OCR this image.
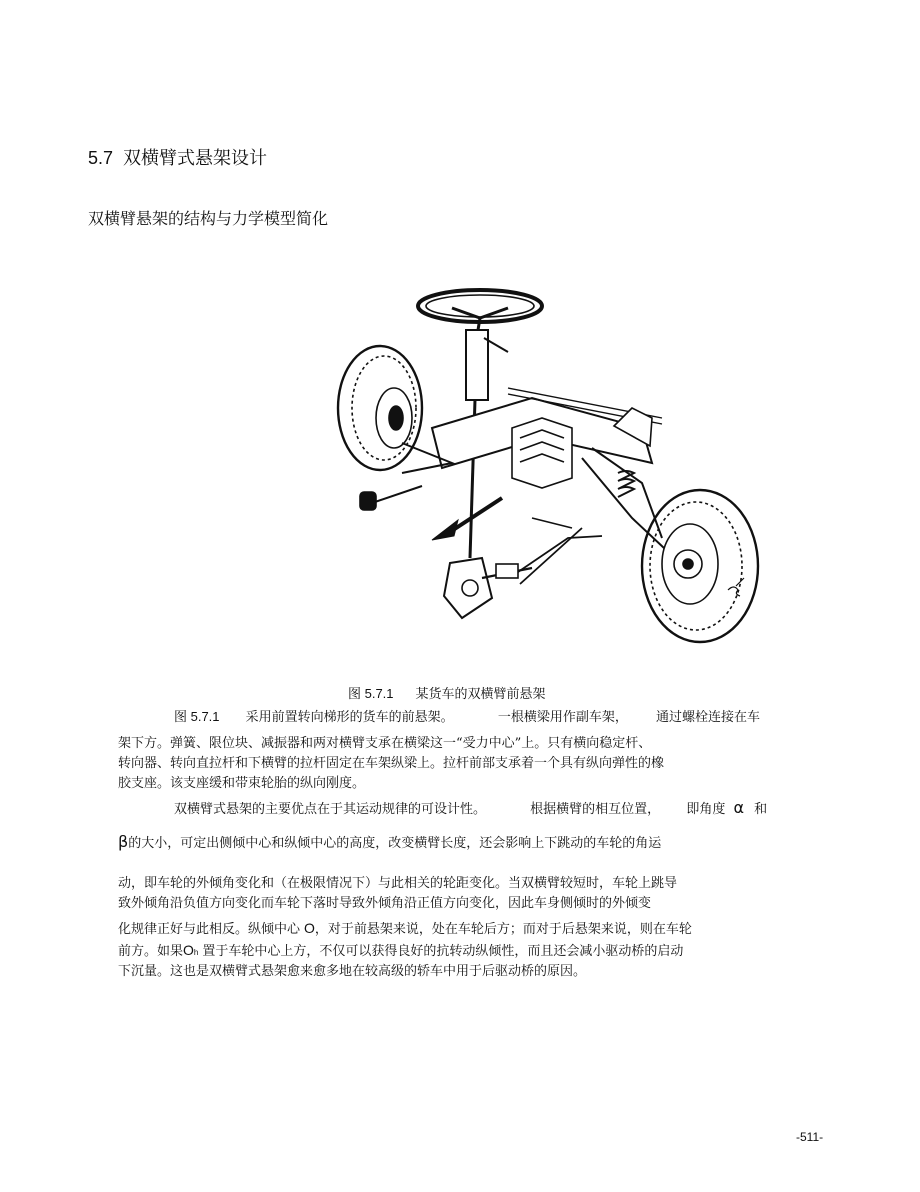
5.7 双横臂式悬架设计
双横臂悬架的结构与力学模型简化
图 5.7.1 某货车的双横臂前悬架
图 5.7.1 采用前置转向梯形的货车的前悬架。	一根横梁用作副车架， 通过螺栓连接在车
架下方。弹簧、限位块、减振器和两对横臂支承在横梁这一“受力中心”上。只有横向稳定杆、
转向器、转向直拉杆和下横臂的拉杆固定在车架纵梁上。拉杆前部支承着一个具有纵向弹性的橡
胶支座。该支座缓和带束轮胎的纵向刚度。
双横臂式悬架的主要优点在于其运动规律的可设计性。	根据横臂的相互位置， 即角度 α 和
β的大小，可定出侧倾中心和纵倾中心的高度，改变横臂长度，还会影响上下跳动的车轮的角运
动，即车轮的外倾角变化和（在极限情况下）与此相关的轮距变化。当双横臂较短时，车轮上跳导
致外倾角沿负值方向变化而车轮下落时导致外倾角沿正值方向变化，因此车身侧倾时的外倾变
化规律正好与此相反。纵倾中心 O，对于前悬架来说，处在车轮后方；而对于后悬架来说，则在车轮
前方。如果Oh 置于车轮中心上方，不仅可以获得良好的抗转动纵倾性，而且还会减小驱动桥的启动
下沉量。这也是双横臂式悬架愈来愈多地在较高级的轿车中用于后驱动桥的原因。
-511-
